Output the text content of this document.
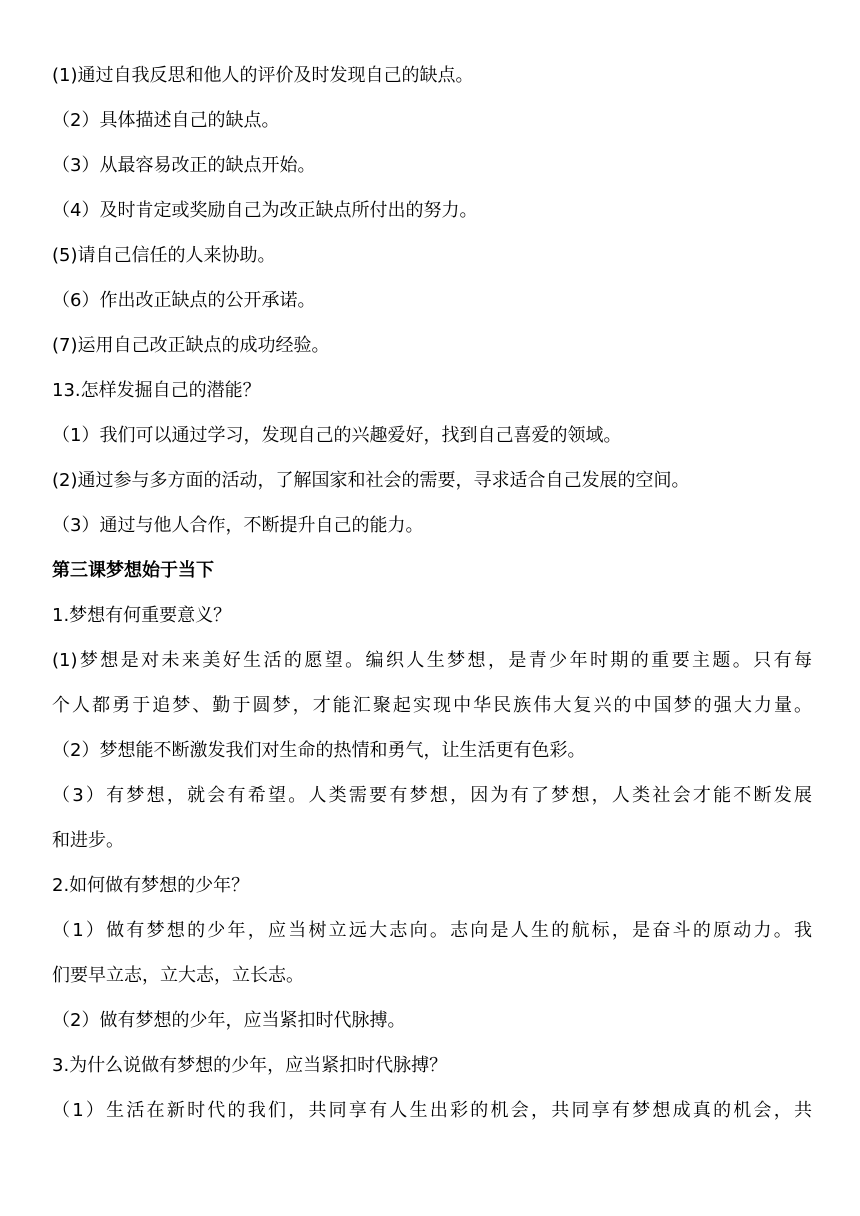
(1)通过自我反思和他人的评价及时发现自己的缺点。
（2）具体描述自己的缺点。
（3）从最容易改正的缺点开始。
（4）及时肯定或奖励自己为改正缺点所付出的努力。
(5)请自己信任的人来协助。
（6）作出改正缺点的公开承诺。
(7)运用自己改正缺点的成功经验。
13.怎样发掘自己的潜能？
（1）我们可以通过学习，发现自己的兴趣爱好，找到自己喜爱的领域。
(2)通过参与多方面的活动，了解国家和社会的需要，寻求适合自己发展的空间。
（3）通过与他人合作，不断提升自己的能力。
第三课梦想始于当下
1.梦想有何重要意义？
(1)梦想是对未来美好生活的愿望。编织人生梦想，是青少年时期的重要主题。只有每
个人都勇于追梦、勤于圆梦，才能汇聚起实现中华民族伟大复兴的中国梦的强大力量。
（2）梦想能不断激发我们对生命的热情和勇气，让生活更有色彩。
（3）有梦想，就会有希望。人类需要有梦想，因为有了梦想，人类社会才能不断发展
和进步。
2.如何做有梦想的少年？
（1）做有梦想的少年，应当树立远大志向。志向是人生的航标，是奋斗的原动力。我
们要早立志，立大志，立长志。
（2）做有梦想的少年，应当紧扣时代脉搏。
3.为什么说做有梦想的少年，应当紧扣时代脉搏？
（1）生活在新时代的我们，共同享有人生出彩的机会，共同享有梦想成真的机会，共
